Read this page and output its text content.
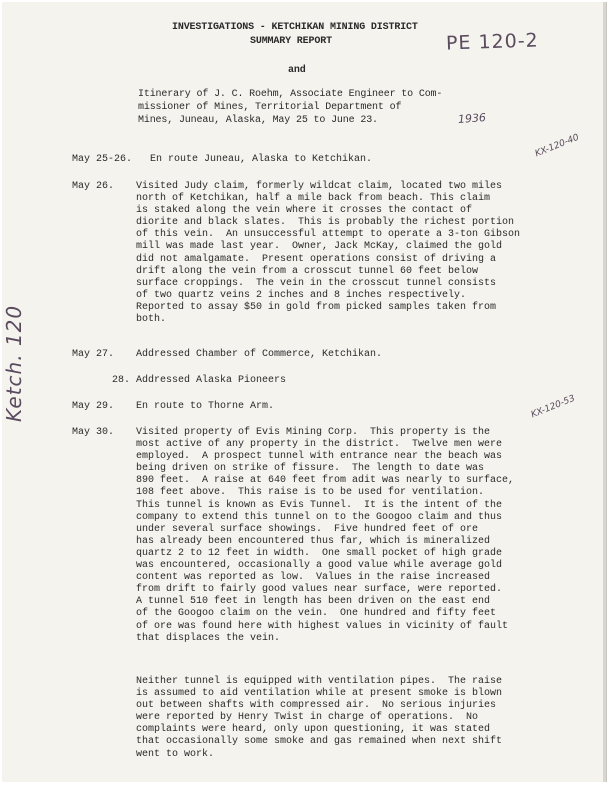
INVESTIGATIONS - KETCHIKAN MINING DISTRICT
SUMMARY REPORT
and
Itinerary of J. C. Roehm, Associate Engineer to Com-
missioner of Mines, Territorial Department of
Mines, Juneau, Alaska, May 25 to June 23.
PE 120-2
1936
KX-120-40
KX-120-53
Ketch. 120
May 25-26. En route Juneau, Alaska to Ketchikan.
May 26. Visited Judy claim, formerly wildcat claim, located two miles
north of Ketchikan, half a mile back from beach. This claim
is staked along the vein where it crosses the contact of
diorite and black slates.  This is probably the richest portion
of this vein.  An unsuccessful attempt to operate a 3-ton Gibson
mill was made last year.  Owner, Jack McKay, claimed the gold
did not amalgamate.  Present operations consist of driving a
drift along the vein from a crosscut tunnel 60 feet below
surface croppings.  The vein in the crosscut tunnel consists
of two quartz veins 2 inches and 8 inches respectively.
Reported to assay $50 in gold from picked samples taken from
both.
May 27. Addressed Chamber of Commerce, Ketchikan.
28. Addressed Alaska Pioneers
May 29. En route to Thorne Arm.
May 30. Visited property of Evis Mining Corp.  This property is the
most active of any property in the district.  Twelve men were
employed.  A prospect tunnel with entrance near the beach was
being driven on strike of fissure.  The length to date was
890 feet.  A raise at 640 feet from adit was nearly to surface,
108 feet above.  This raise is to be used for ventilation.
This tunnel is known as Evis Tunnel.  It is the intent of the
company to extend this tunnel on to the Googoo claim and thus
under several surface showings.  Five hundred feet of ore
has already been encountered thus far, which is mineralized
quartz 2 to 12 feet in width.  One small pocket of high grade
was encountered, occasionally a good value while average gold
content was reported as low.  Values in the raise increased
from drift to fairly good values near surface, were reported.
A tunnel 510 feet in length has been driven on the east end
of the Googoo claim on the vein.  One hundred and fifty feet
of ore was found here with highest values in vicinity of fault
that displaces the vein.
Neither tunnel is equipped with ventilation pipes.  The raise
is assumed to aid ventilation while at present smoke is blown
out between shafts with compressed air.  No serious injuries
were reported by Henry Twist in charge of operations.  No
complaints were heard, only upon questioning, it was stated
that occasionally some smoke and gas remained when next shift
went to work.
